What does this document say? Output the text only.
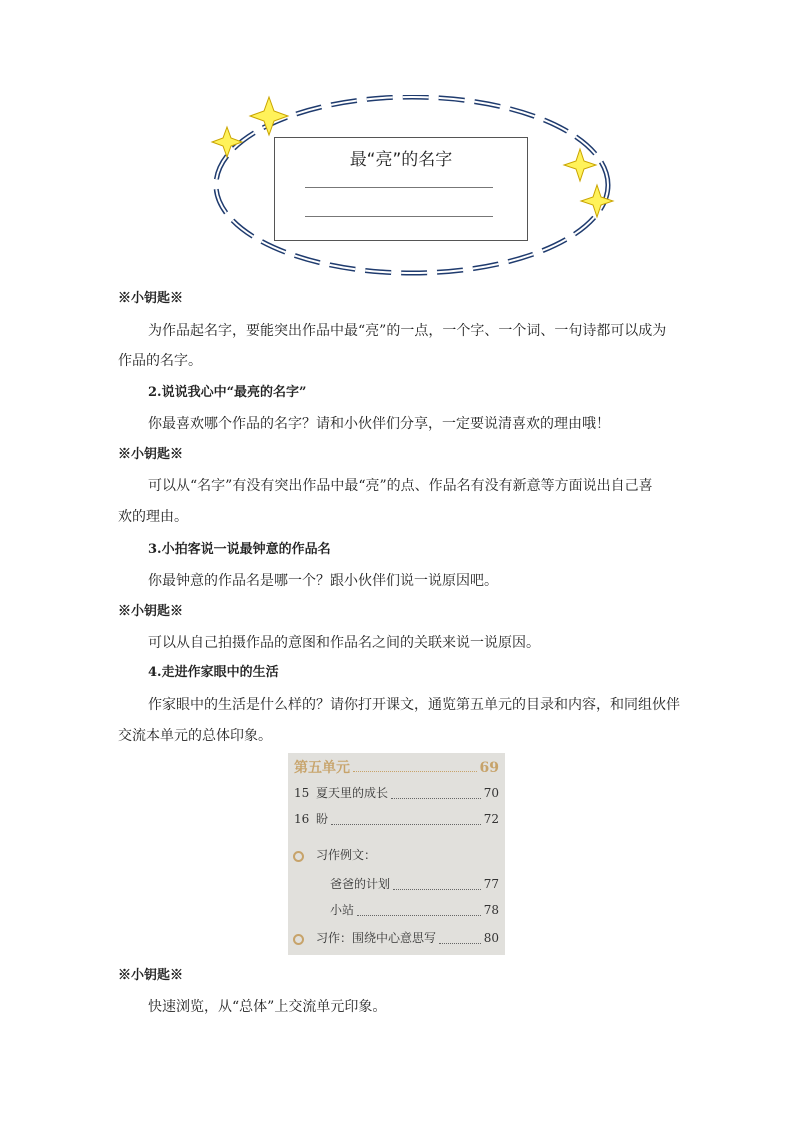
最“亮”的名字
※小钥匙※
为作品起名字，要能突出作品中最“亮”的一点，一个字、一个词、一句诗都可以成为
作品的名字。
2.说说我心中“最亮的名字”
你最喜欢哪个作品的名字？请和小伙伴们分享，一定要说清喜欢的理由哦！
※小钥匙※
可以从“名字”有没有突出作品中最“亮”的点、作品名有没有新意等方面说出自己喜
欢的理由。
3.小拍客说一说最钟意的作品名
你最钟意的作品名是哪一个？跟小伙伴们说一说原因吧。
※小钥匙※
可以从自己拍摄作品的意图和作品名之间的关联来说一说原因。
4.走进作家眼中的生活
作家眼中的生活是什么样的？请你打开课文，通览第五单元的目录和内容，和同组伙伴
交流本单元的总体印象。
第五单元	69
15 夏天里的成长	70
16 盼	72
习作例文：
爸爸的计划	77
小站	78
习作：围绕中心意思写	80
※小钥匙※
快速浏览，从“总体”上交流单元印象。
